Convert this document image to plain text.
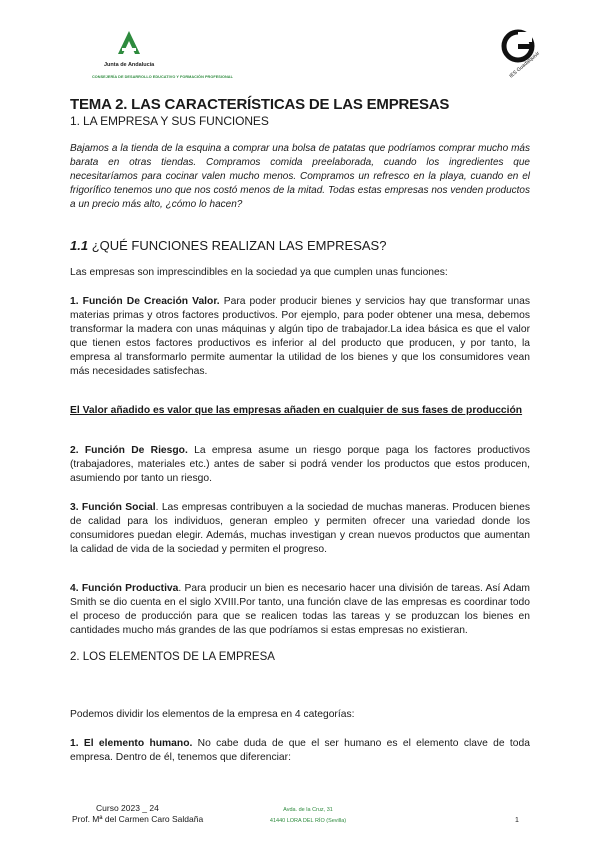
Junta de Andalucía
CONSEJERÍA DE DESARROLLO EDUCATIVO Y FORMACIÓN PROFESIONAL	IES Guadalquivir
TEMA 2. LAS CARACTERÍSTICAS DE LAS EMPRESAS
1. LA EMPRESA Y SUS FUNCIONES
Bajamos a la tienda de la esquina a comprar una bolsa de patatas que podríamos comprar mucho más barata en otras tiendas. Compramos comida preelaborada, cuando los ingredientes que necesitaríamos para cocinar valen mucho menos. Compramos un refresco en la playa, cuando en el frigorífico tenemos uno que nos costó menos de la mitad. Todas estas empresas nos venden productos a un precio más alto, ¿cómo lo hacen?
1.1 ¿QUÉ FUNCIONES REALIZAN LAS EMPRESAS?
Las empresas son imprescindibles en la sociedad ya que cumplen unas funciones:
1. Función De Creación Valor. Para poder producir bienes y servicios hay que transformar unas materias primas y otros factores productivos. Por ejemplo, para poder obtener una mesa, debemos transformar la madera con unas máquinas y algún tipo de trabajador.La idea básica es que el valor que tienen estos factores productivos es inferior al del producto que producen, y por tanto, la empresa al transformarlo permite aumentar la utilidad de los bienes y que los consumidores vean más necesidades satisfechas.
El Valor añadido es valor que las empresas añaden en cualquier de sus fases de producción
2. Función De Riesgo. La empresa asume un riesgo porque paga los factores productivos (trabajadores, materiales etc.) antes de saber si podrá vender los productos que estos producen, asumiendo por tanto un riesgo.
3. Función Social. Las empresas contribuyen a la sociedad de muchas maneras. Producen bienes de calidad para los individuos, generan empleo y permiten ofrecer una variedad donde los consumidores puedan elegir. Además, muchas investigan y crean nuevos productos que aumentan la calidad de vida de la sociedad y permiten el progreso.
4. Función Productiva. Para producir un bien es necesario hacer una división de tareas. Así Adam Smith se dio cuenta en el siglo XVIII.Por tanto, una función clave de las empresas es coordinar todo el proceso de producción para que se realicen todas las tareas y se produzcan los bienes en cantidades mucho más grandes de las que podríamos si estas empresas no existieran.
2. LOS ELEMENTOS DE LA EMPRESA
Podemos dividir los elementos de la empresa en 4 categorías:
1. El elemento humano. No cabe duda de que el ser humano es el elemento clave de toda empresa. Dentro de él, tenemos que diferenciar:
Curso 2023 _ 24
Prof. Mª del Carmen Caro Saldaña
Avda. de la Cruz, 31
41440 LORA DEL RÍO (Sevilla)	1
